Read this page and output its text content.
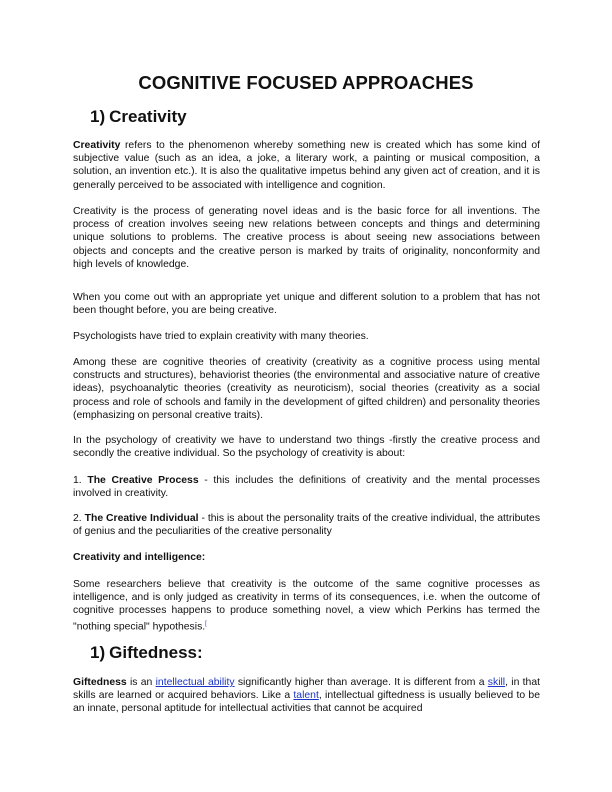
COGNITIVE FOCUSED APPROACHES
1) Creativity

Creativity refers to the phenomenon whereby something new is created which has some kind of subjective value (such as an idea, a joke, a literary work, a painting or musical composition, a solution, an invention etc.). It is also the qualitative impetus behind any given act of creation, and it is generally perceived to be associated with intelligence and cognition.

Creativity is the process of generating novel ideas and is the basic force for all inventions. The process of creation involves seeing new relations between concepts and things and determining unique solutions to problems. The creative process is about seeing new associations between objects and concepts and the creative person is marked by traits of originality, nonconformity and high levels of knowledge.

When you come out with an appropriate yet unique and different solution to a problem that has not been thought before, you are being creative.

Psychologists have tried to explain creativity with many theories.

Among these are cognitive theories of creativity (creativity as a cognitive process using mental constructs and structures), behaviorist theories (the environmental and associative nature of creative ideas), psychoanalytic theories (creativity as neuroticism), social theories (creativity as a social process and role of schools and family in the development of gifted children) and personality theories (emphasizing on personal creative traits).

In the psychology of creativity we have to understand two things -firstly the creative process and secondly the creative individual. So the psychology of creativity is about:

1. The Creative Process - this includes the definitions of creativity and the mental processes involved in creativity.

2. The Creative Individual - this is about the personality traits of the creative individual, the attributes of genius and the peculiarities of the creative personality

Creativity and intelligence:

Some researchers believe that creativity is the outcome of the same cognitive processes as intelligence, and is only judged as creativity in terms of its consequences, i.e. when the outcome of cognitive processes happens to produce something novel, a view which Perkins has termed the "nothing special" hypothesis.[

1) Giftedness:

Giftedness is an intellectual ability significantly higher than average. It is different from a skill, in that skills are learned or acquired behaviors. Like a talent, intellectual giftedness is usually believed to be an innate, personal aptitude for intellectual activities that cannot be acquired
